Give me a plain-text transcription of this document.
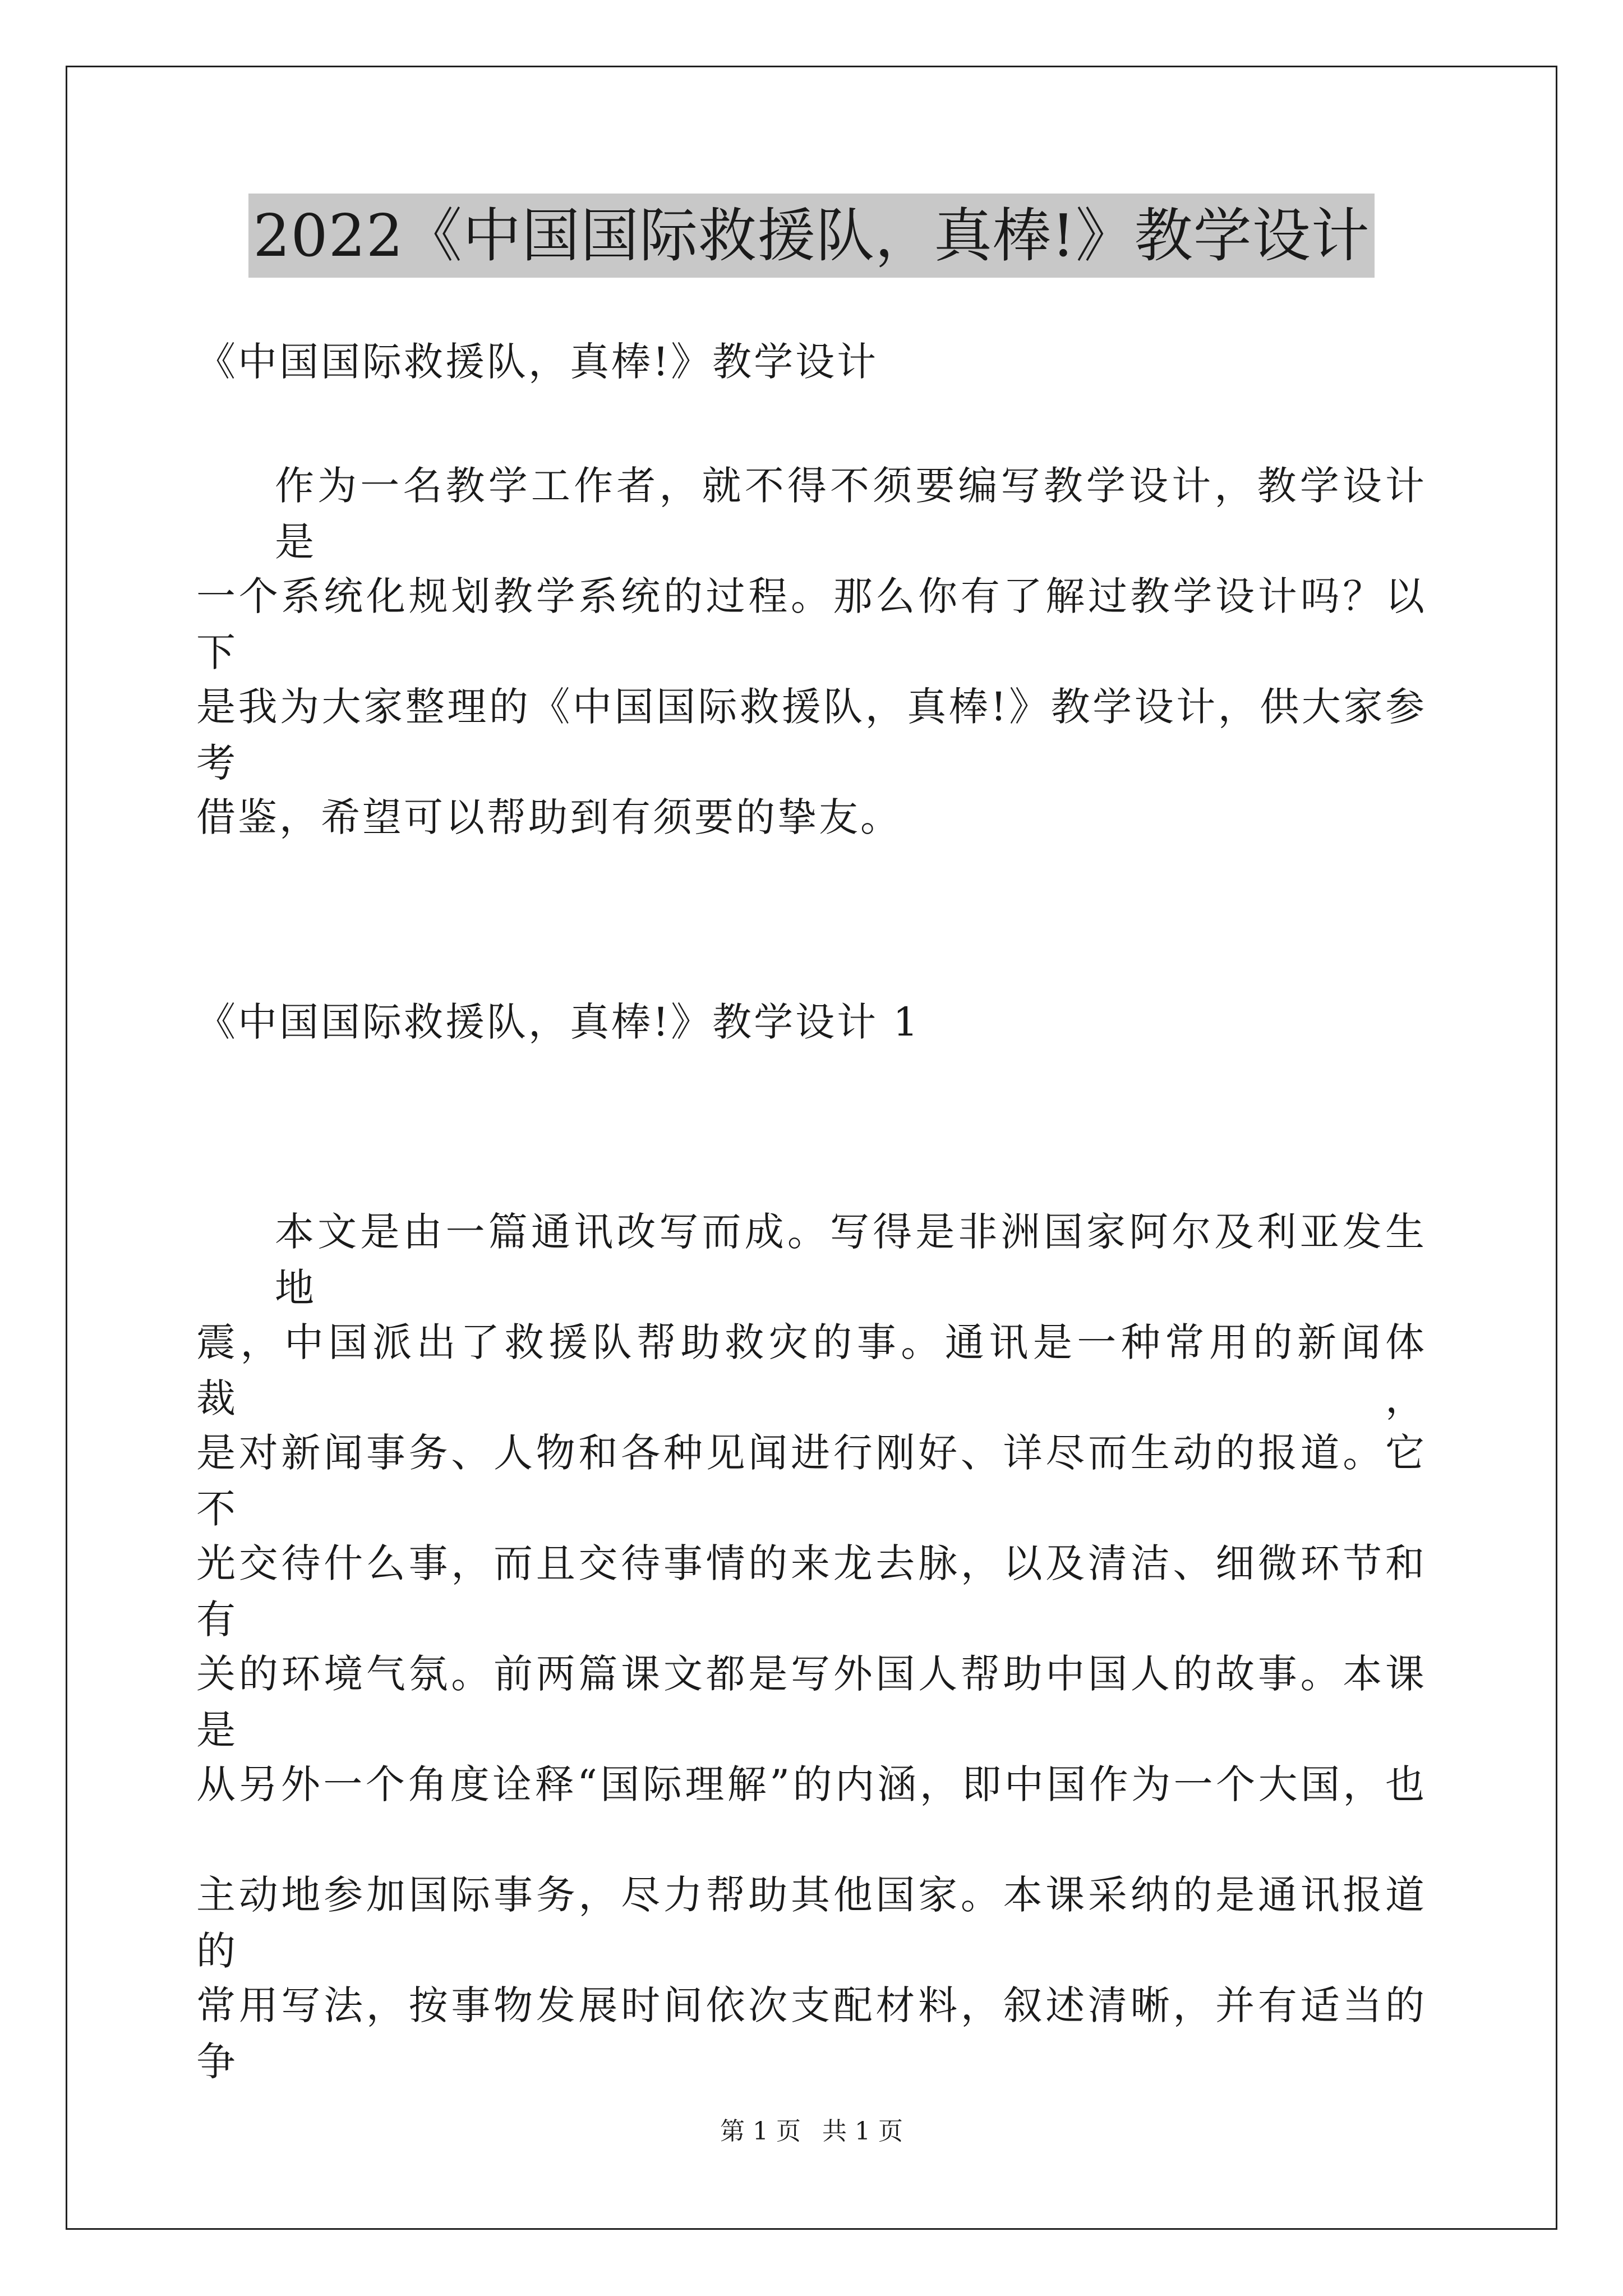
2022《中国国际救援队，真棒!》教学设计
《中国国际救援队，真棒!》教学设计
作为一名教学工作者，就不得不须要编写教学设计，教学设计是
一个系统化规划教学系统的过程。那么你有了解过教学设计吗？以下
是我为大家整理的《中国国际救援队，真棒!》教学设计，供大家参考
借鉴，希望可以帮助到有须要的挚友。
《中国国际救援队，真棒!》教学设计 1
本文是由一篇通讯改写而成。写得是非洲国家阿尔及利亚发生地
震，中国派出了救援队帮助救灾的事。通讯是一种常用的新闻体裁，
是对新闻事务、人物和各种见闻进行刚好、详尽而生动的报道。它不
光交待什么事，而且交待事情的来龙去脉，以及清洁、细微环节和有
关的环境气氛。前两篇课文都是写外国人帮助中国人的故事。本课是
从另外一个角度诠释“国际理解”的内涵，即中国作为一个大国，也
主动地参加国际事务，尽力帮助其他国家。本课采纳的是通讯报道的
常用写法，按事物发展时间依次支配材料，叙述清晰，并有适当的争
第 1 页 共 1 页
